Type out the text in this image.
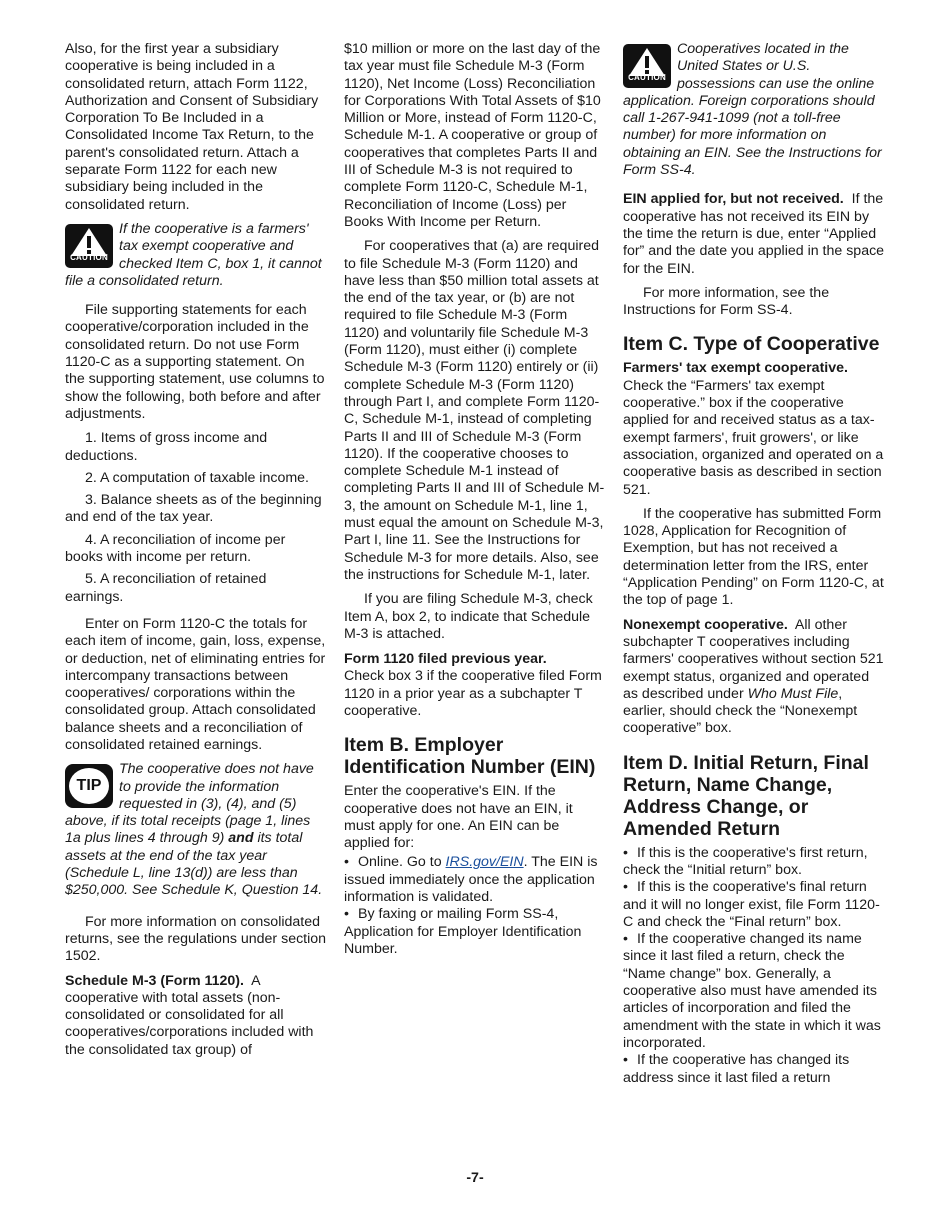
Also, for the first year a subsidiary cooperative is being included in a consolidated return, attach Form 1122, Authorization and Consent of Subsidiary Corporation To Be Included in a Consolidated Income Tax Return, to the parent's consolidated return. Attach a separate Form 1122 for each new subsidiary being included in the consolidated return.

CAUTION
If the cooperative is a farmers' tax exempt cooperative and checked Item C, box 1, it cannot file a consolidated return.

File supporting statements for each cooperative/corporation included in the consolidated return. Do not use Form 1120-C as a supporting statement. On the supporting statement, use columns to show the following, both before and after adjustments.

1. Items of gross income and deductions.

2. A computation of taxable income.

3. Balance sheets as of the beginning and end of the tax year.

4. A reconciliation of income per books with income per return.

5. A reconciliation of retained earnings.

Enter on Form 1120-C the totals for each item of income, gain, loss, expense, or deduction, net of eliminating entries for intercompany transactions between cooperatives/ corporations within the consolidated group. Attach consolidated balance sheets and a reconciliation of consolidated retained earnings.

TIP
The cooperative does not have to provide the information requested in (3), (4), and (5) above, if its total receipts (page 1, lines 1a plus lines 4 through 9) and its total assets at the end of the tax year (Schedule L, line 13(d)) are less than $250,000. See Schedule K, Question 14.

For more information on consolidated returns, see the regulations under section 1502.

Schedule M-3 (Form 1120). A cooperative with total assets (non-consolidated or consolidated for all cooperatives/corporations included with the consolidated tax group) of

$10 million or more on the last day of the tax year must file Schedule M-3 (Form 1120), Net Income (Loss) Reconciliation for Corporations With Total Assets of $10 Million or More, instead of Form 1120-C, Schedule M-1. A cooperative or group of cooperatives that completes Parts II and III of Schedule M-3 is not required to complete Form 1120-C, Schedule M-1, Reconciliation of Income (Loss) per Books With Income per Return.

For cooperatives that (a) are required to file Schedule M-3 (Form 1120) and have less than $50 million total assets at the end of the tax year, or (b) are not required to file Schedule M-3 (Form 1120) and voluntarily file Schedule M-3 (Form 1120), must either (i) complete Schedule M-3 (Form 1120) entirely or (ii) complete Schedule M-3 (Form 1120) through Part I, and complete Form 1120-C, Schedule M-1, instead of completing Parts II and III of Schedule M-3 (Form 1120). If the cooperative chooses to complete Schedule M-1 instead of completing Parts II and III of Schedule M-3, the amount on Schedule M-1, line 1, must equal the amount on Schedule M-3, Part I, line 11. See the Instructions for Schedule M-3 for more details. Also, see the instructions for Schedule M-1, later.

If you are filing Schedule M-3, check Item A, box 2, to indicate that Schedule M-3 is attached.

Form 1120 filed previous year.
Check box 3 if the cooperative filed Form 1120 in a prior year as a subchapter T cooperative.

Item B. Employer Identification Number (EIN)

Enter the cooperative's EIN. If the cooperative does not have an EIN, it must apply for one. An EIN can be applied for:

• Online. Go to IRS.gov/EIN. The EIN is issued immediately once the application information is validated.

• By faxing or mailing Form SS-4, Application for Employer Identification Number.

CAUTION
Cooperatives located in the United States or U.S. possessions can use the online application. Foreign corporations should call 1-267-941-1099 (not a toll-free number) for more information on obtaining an EIN. See the Instructions for Form SS-4.

EIN applied for, but not received. If the cooperative has not received its EIN by the time the return is due, enter “Applied for” and the date you applied in the space for the EIN.

For more information, see the Instructions for Form SS-4.

Item C. Type of Cooperative

Farmers' tax exempt cooperative.
Check the “Farmers' tax exempt cooperative.” box if the cooperative applied for and received status as a tax-exempt farmers', fruit growers', or like association, organized and operated on a cooperative basis as described in section 521.

If the cooperative has submitted Form 1028, Application for Recognition of Exemption, but has not received a determination letter from the IRS, enter “Application Pending” on Form 1120-C, at the top of page 1.

Nonexempt cooperative. All other subchapter T cooperatives including farmers' cooperatives without section 521 exempt status, organized and operated as described under Who Must File, earlier, should check the “Nonexempt cooperative” box.

Item D. Initial Return, Final Return, Name Change, Address Change, or Amended Return

• If this is the cooperative's first return, check the “Initial return” box.

• If this is the cooperative's final return and it will no longer exist, file Form 1120-C and check the “Final return” box.

• If the cooperative changed its name since it last filed a return, check the “Name change” box. Generally, a cooperative also must have amended its articles of incorporation and filed the amendment with the state in which it was incorporated.

• If the cooperative has changed its address since it last filed a return

-7-
